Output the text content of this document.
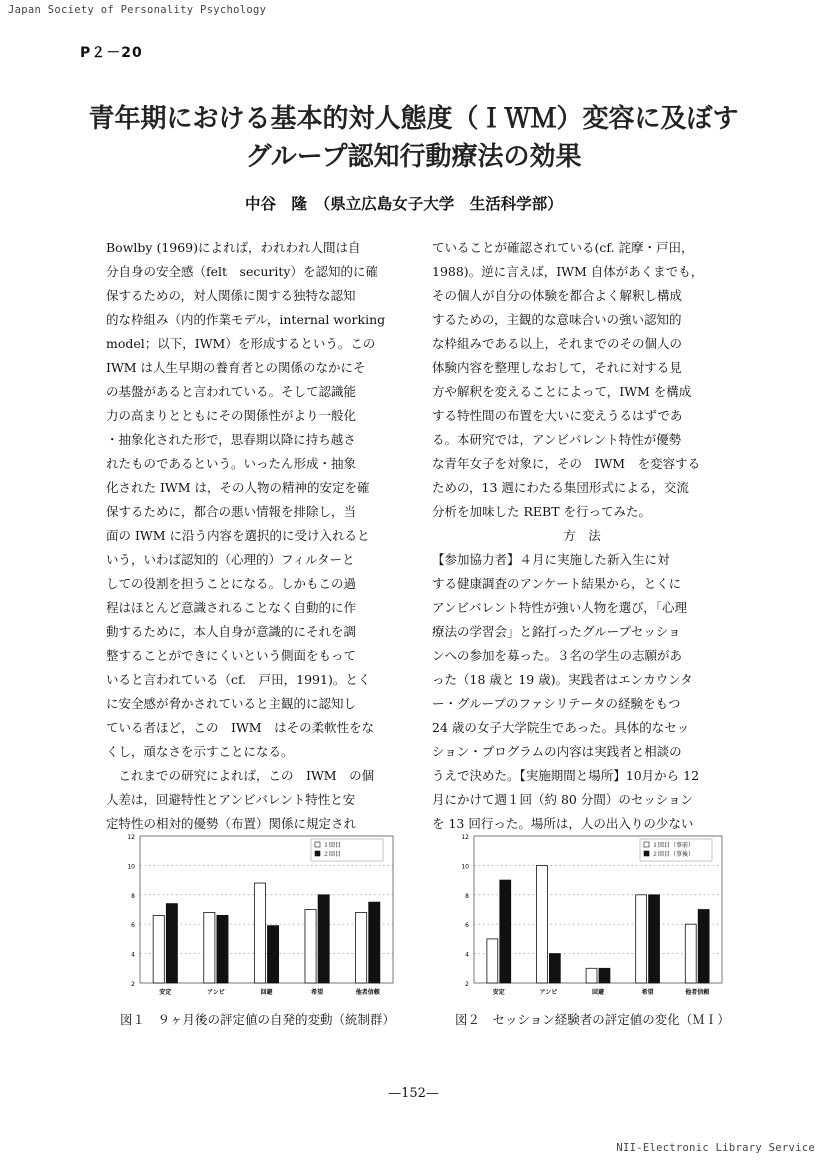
Japan Society of Personality Psychology
P２－20
青年期における基本的対人態度（ＩＷＭ）変容に及ぼす
グループ認知行動療法の効果
中谷　隆　（県立広島女子大学　生活科学部）
Bowlby (1969)によれば，われわれ人間は自
分自身の安全感（felt　security）を認知的に確
保するための，対人関係に関する独特な認知
的な枠組み（内的作業モデル，internal working
model；以下，IWM）を形成するという。この
IWM は人生早期の養育者との関係のなかにそ
の基盤があると言われている。そして認識能
力の高まりとともにその関係性がより一般化
・抽象化された形で，思春期以降に持ち越さ
れたものであるという。いったん形成・抽象
化された IWM は，その人物の精神的安定を確
保するために，都合の悪い情報を排除し，当
面の IWM に沿う内容を選択的に受け入れると
いう，いわば認知的（心理的）フィルターと
しての役割を担うことになる。しかもこの過
程はほとんど意識されることなく自動的に作
動するために，本人自身が意識的にそれを調
整することができにくいという側面をもって
いると言われている（cf.　戸田，1991)。とく
に安全感が脅かされていると主観的に認知し
ている者ほど，この　IWM　はその柔軟性をな
くし，頑なさを示すことになる。
　これまでの研究によれば，この　IWM　の個
人差は，回避特性とアンビバレント特性と安
定特性の相対的優勢（布置）関係に規定され
ていることが確認されている(cf. 詫摩・戸田，
1988)。逆に言えば，IWM 自体があくまでも，
その個人が自分の体験を都合よく解釈し構成
するための，主観的な意味合いの強い認知的
な枠組みである以上，それまでのその個人の
体験内容を整理しなおして，それに対する見
方や解釈を変えることによって，IWM を構成
する特性間の布置を大いに変えうるはずであ
る。本研究では，アンビバレント特性が優勢
な青年女子を対象に，その　IWM　を変容する
ための，13 週にわたる集団形式による，交流
分析を加味した REBT を行ってみた。
方　法
【参加協力者】４月に実施した新入生に対
する健康調査のアンケート結果から，とくに
アンビバレント特性が強い人物を選び，｢心理
療法の学習会」と銘打ったグループセッショ
ンへの参加を募った。３名の学生の志願があ
った（18 歳と 19 歳)。実践者はエンカウンタ
ー・グループのファシリテータの経験をもつ
24 歳の女子大学院生であった。具体的なセッ
ション・プログラムの内容は実践者と相談の
うえで決めた。【実施期間と場所】10月から 12
月にかけて週１回（約 80 分間）のセッション
を 13 回行った。場所は，人の出入りの少ない
2
4
6
8
10
12
安定	アンビ	回避	希望	他者信頼
１回目
２回目
2
4
6
8
10
12
安定	アンビ	回避	希望	他者信頼
１回目（事前）
２回目（事後）
図１　９ヶ月後の評定値の自発的変動（統制群）	図２　セッション経験者の評定値の変化（ＭＩ）
—152—
NII-Electronic Library Service
